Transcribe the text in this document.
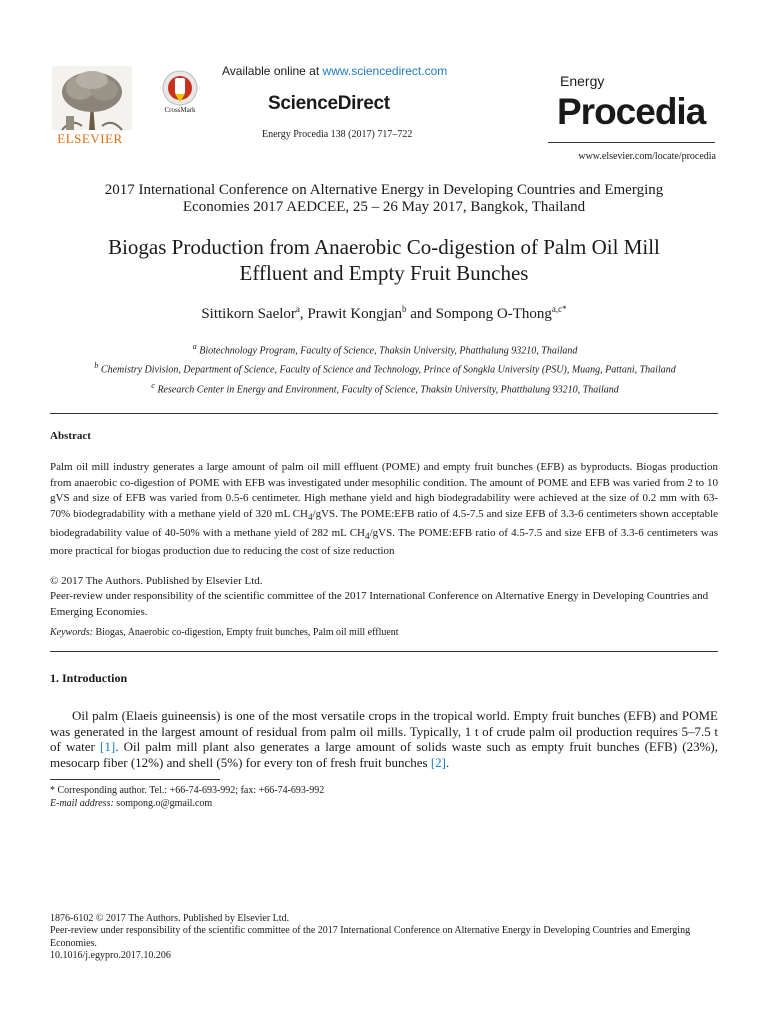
ELSEVIER
CrossMark
Available online at www.sciencedirect.com
ScienceDirect
Energy Procedia 138 (2017) 717–722
Energy
Procedia
www.elsevier.com/locate/procedia
2017 International Conference on Alternative Energy in Developing Countries and Emerging
Economies 2017 AEDCEE, 25 – 26 May 2017, Bangkok, Thailand
Biogas Production from Anaerobic Co-digestion of Palm Oil Mill
Effluent and Empty Fruit Bunches
Sittikorn Saelor$^a$, Prawit Kongjan$^b$ and Sompong O-Thong$^{a,c*}$
$^a$ Biotechnology Program, Faculty of Science, Thaksin University, Phatthalung 93210, Thailand
$^b$ Chemistry Division, Department of Science, Faculty of Science and Technology, Prince of Songkla University (PSU), Muang, Pattani, Thailand
$^c$ Research Center in Energy and Environment, Faculty of Science, Thaksin University, Phatthalung 93210, Thailand
Abstract

Palm oil mill industry generates a large amount of palm oil mill effluent (POME) and empty fruit bunches (EFB) as byproducts. Biogas production from anaerobic co-digestion of POME with EFB was investigated under mesophilic condition. The amount of POME and EFB was varied from 2 to 10 gVS and size of EFB was varied from 0.5-6 centimeter. High methane yield and high biodegradability were achieved at the size of 0.2 mm with 63-70% biodegradability with a methane yield of 320 mL $CH_4$/gVS. The POME:EFB ratio of 4.5-7.5 and size EFB of 3.3-6 centimeters shown acceptable biodegradability value of 40-50% with a methane yield of 282 mL $CH_4$/gVS. The POME:EFB ratio of 4.5-7.5 and size EFB of 3.3-6 centimeters was more practical for biogas production due to reducing the cost of size reduction

© 2017 The Authors. Published by Elsevier Ltd.
Peer-review under responsibility of the scientific committee of the 2017 International Conference on Alternative Energy in Developing Countries and Emerging Economies.
Keywords: Biogas, Anaerobic co-digestion, Empty fruit bunches, Palm oil mill effluent
1. Introduction
Oil palm (Elaeis guineensis) is one of the most versatile crops in the tropical world. Empty fruit bunches (EFB) and POME was generated in the largest amount of residual from palm oil mills. Typically, 1 t of crude palm oil production requires 5–7.5 t of water [1]. Oil palm mill plant also generates a large amount of solids waste such as empty fruit bunches (EFB) (23%), mesocarp fiber (12%) and shell (5%) for every ton of fresh fruit bunches [2].
* Corresponding author. Tel.: +66-74-693-992; fax: +66-74-693-992
E-mail address: sompong.o@gmail.com
1876-6102 © 2017 The Authors. Published by Elsevier Ltd.
Peer-review under responsibility of the scientific committee of the 2017 International Conference on Alternative Energy in Developing Countries and Emerging Economies.
10.1016/j.egypro.2017.10.206
